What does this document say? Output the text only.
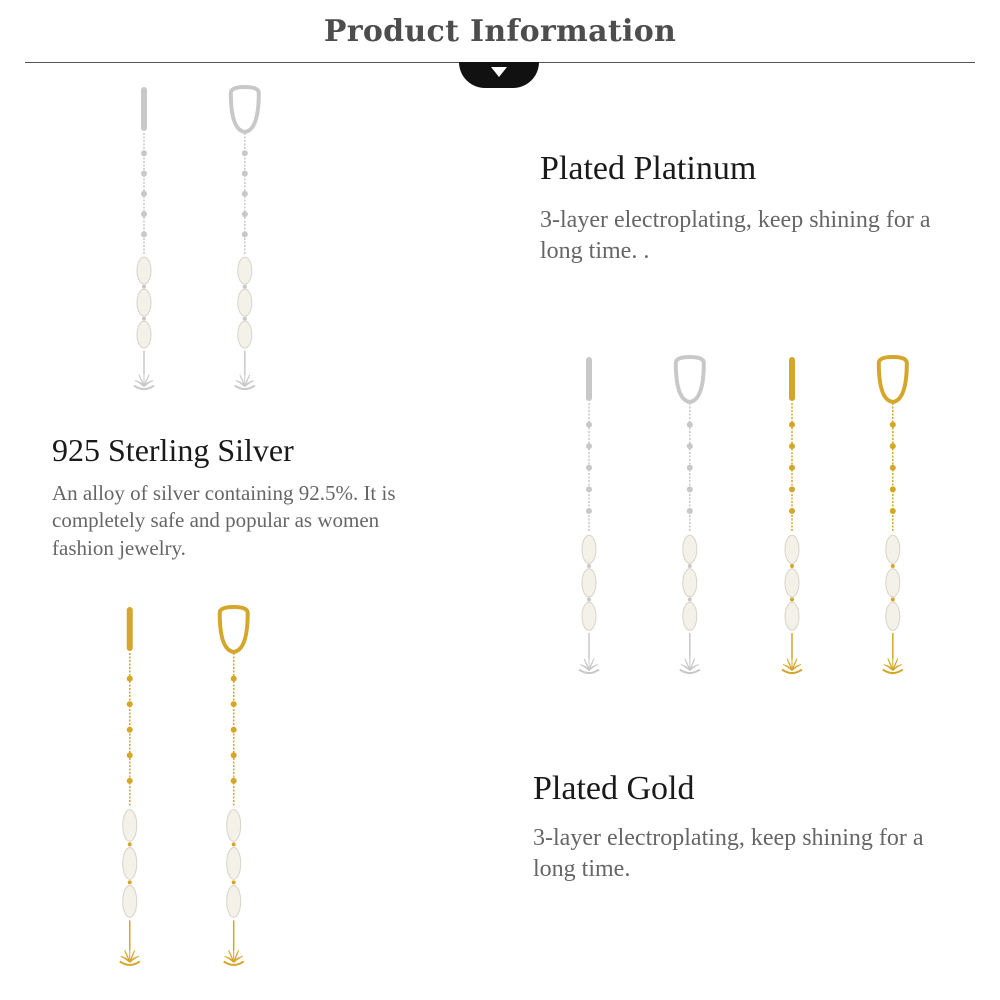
Product Information
Plated Platinum
3-layer electroplating, keep shining for a long time. .
925 Sterling Silver
An alloy of silver containing 92.5%. It is completely safe and popular as women fashion jewelry.
Plated Gold
3-layer electroplating, keep shining for a long time.
